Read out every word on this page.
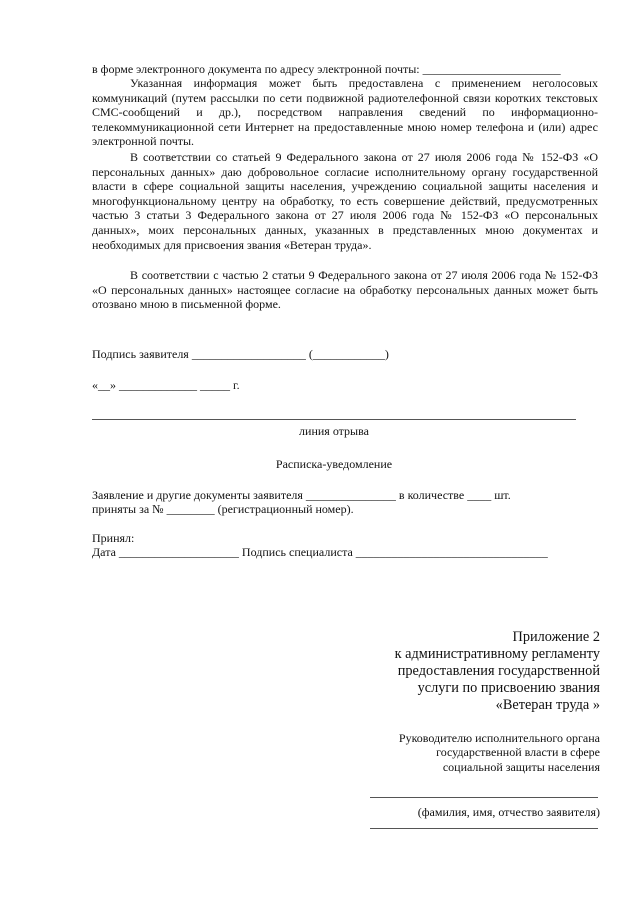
в форме электронного документа по адресу электронной почты: _______________________

Указанная информация может быть предоставлена с применением неголосовых коммуникаций (путем рассылки по сети подвижной радиотелефонной связи коротких текстовых СМС-сообщений и др.), посредством направления сведений по информационно-телекоммуникационной сети Интернет на предоставленные мною номер телефона и (или) адрес электронной почты.

В соответствии со статьей 9 Федерального закона от 27 июля 2006 года № 152-ФЗ «О персональных данных» даю добровольное согласие исполнительному органу государственной власти в сфере социальной защиты населения, учреждению социальной защиты населения и многофункциональному центру на обработку, то есть совершение действий, предусмотренных частью 3 статьи 3 Федерального закона от 27 июля 2006 года № 152-ФЗ «О персональных данных», моих персональных данных, указанных в представленных мною документах и необходимых для присвоения звания «Ветеран труда».

В соответствии с частью 2 статьи 9 Федерального закона от 27 июля 2006 года № 152-ФЗ «О персональных данных» настоящее согласие на обработку персональных данных может быть отозвано мною в письменной форме.

Подпись заявителя ___________________ (____________)

«__» _____________ _____ г.

линия отрыва
Расписка-уведомление

Заявление и другие документы заявителя _______________ в количестве ____ шт.

приняты за № ________ (регистрационный номер).

Принял:

Дата ____________________ Подпись специалиста ________________________________

Приложение 2

к административному регламенту

предоставления государственной

услуги по присвоению звания

«Ветеран труда »

Руководителю исполнительного органа

государственной власти в сфере

социальной защиты населения

(фамилия, имя, отчество заявителя)
